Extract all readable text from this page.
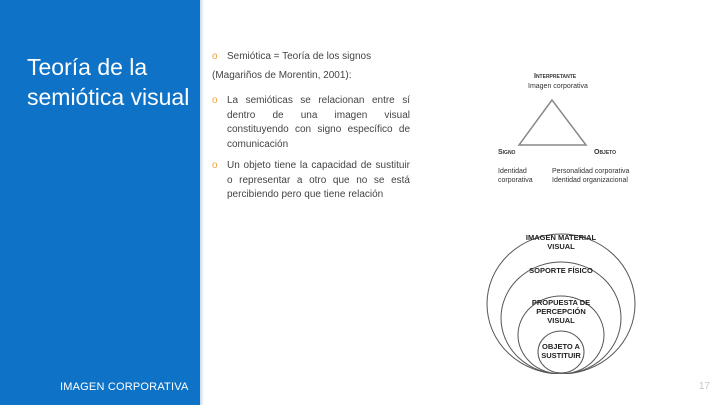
Teoría de la semiótica visual
IMAGEN CORPORATIVA
o Semiótica = Teoría de los signos
(Magariños de Morentin, 2001):
o La semióticas se relacionan entre sí dentro de una imagen visual constituyendo con signo específico de comunicación
o Un objeto tiene la capacidad de sustituir o representar a otro que no se está percibiendo pero que tiene relación
Interpretante
Imagen corporativa
Signo
Identidad
corporativa
Objeto
Personalidad corporativa
Identidad organizacional
IMAGEN MATERIAL
VISUAL
SOPORTE FÍSICO
PROPUESTA DE
PERCEPCIÓN
VISUAL
OBJETO A
SUSTITUIR
17
